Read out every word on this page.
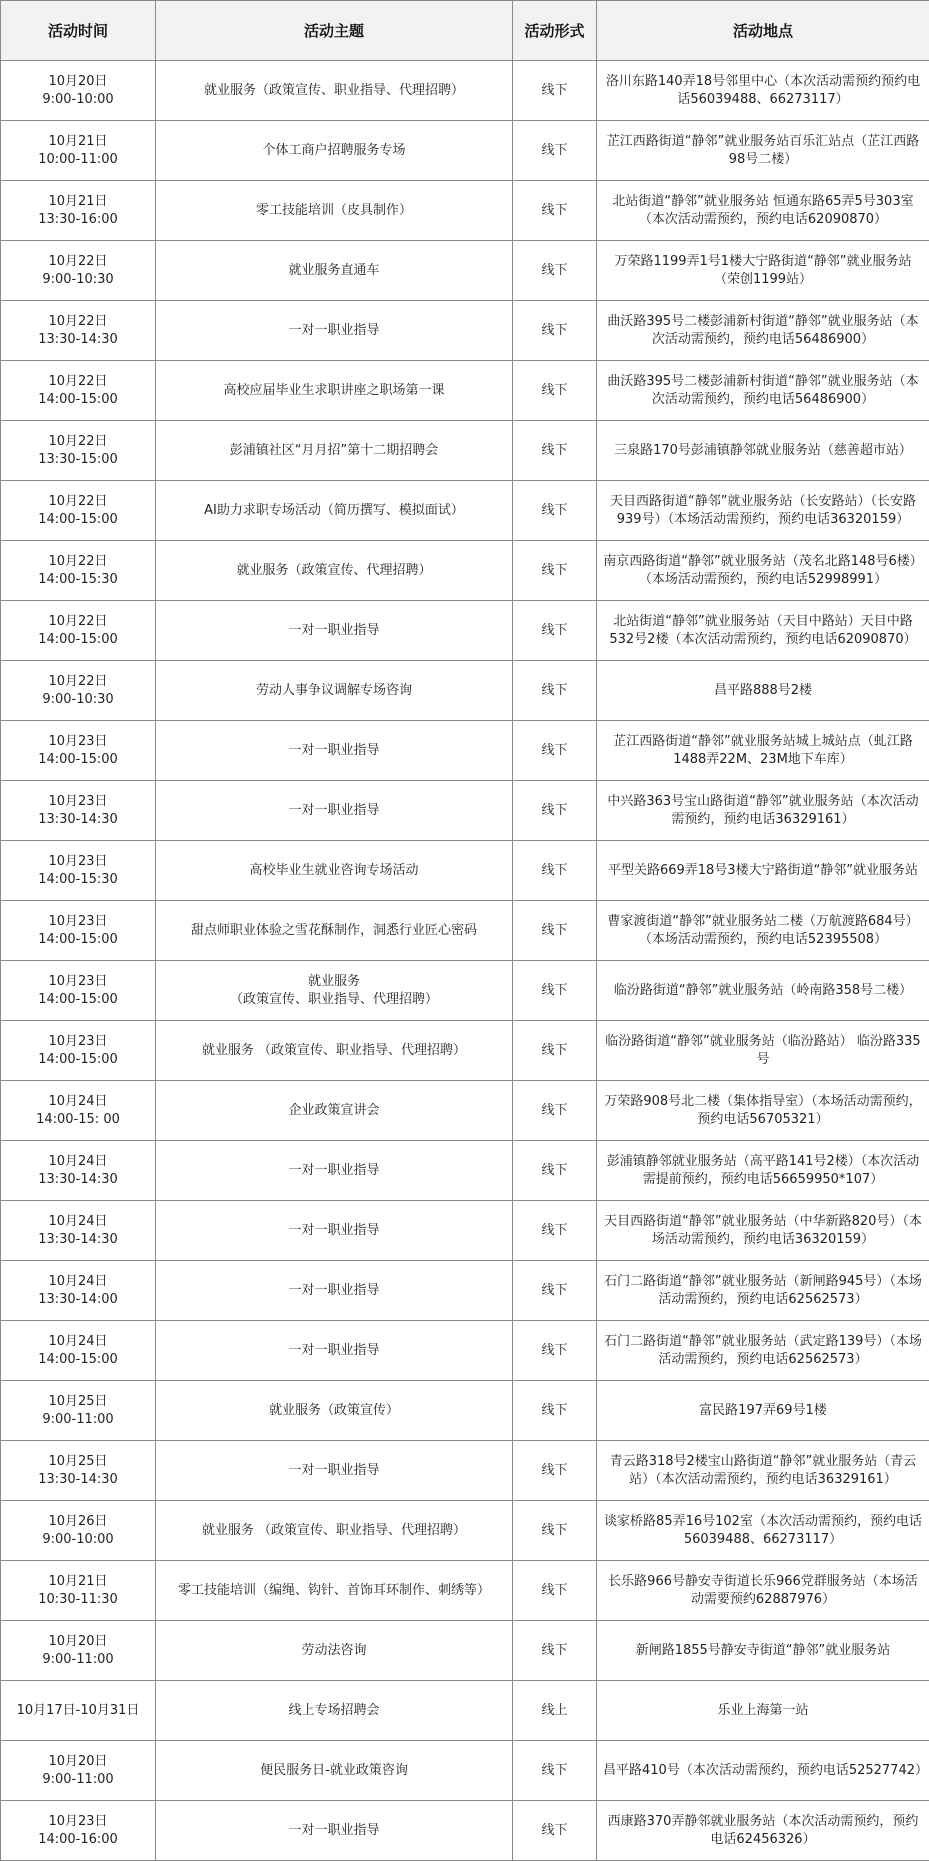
活动时间	活动主题	活动形式	活动地点

10月20日
9:00-10:00	就业服务（政策宣传、职业指导、代理招聘）	线下	洛川东路140弄18号邻里中心（本次活动需预约预约电话56039488、66273117）

10月21日
10:00-11:00	个体工商户招聘服务专场	线下	芷江西路街道“静邻”就业服务站百乐汇站点（芷江西路98号二楼）

10月21日
13:30-16:00	零工技能培训（皮具制作）	线下	北站街道“静邻”就业服务站 恒通东路65弄5号303室 （本次活动需预约，预约电话62090870）

10月22日
9:00-10:30	就业服务直通车	线下	万荣路1199弄1号1楼大宁路街道“静邻”就业服务站（荣创1199站）

10月22日
13:30-14:30	一对一职业指导	线下	曲沃路395号二楼彭浦新村街道“静邻”就业服务站（本次活动需预约，预约电话56486900）

10月22日
14:00-15:00	高校应届毕业生求职讲座之职场第一课	线下	曲沃路395号二楼彭浦新村街道“静邻”就业服务站（本次活动需预约，预约电话56486900）

10月22日
13:30-15:00	彭浦镇社区“月月招”第十二期招聘会	线下	三泉路170号彭浦镇静邻就业服务站（慈善超市站）

10月22日
14:00-15:00	AI助力求职专场活动（简历撰写、模拟面试）	线下	天目西路街道“静邻”就业服务站（长安路站）（长安路939号）（本场活动需预约，预约电话36320159）

10月22日
14:00-15:30	就业服务（政策宣传、代理招聘）	线下	南京西路街道“静邻”就业服务站（茂名北路148号6楼）（本场活动需预约，预约电话52998991）

10月22日
14:00-15:00	一对一职业指导	线下	北站街道“静邻”就业服务站（天目中路站）天目中路532号2楼（本次活动需预约，预约电话62090870）

10月22日
9:00-10:30	劳动人事争议调解专场咨询	线下	昌平路888号2楼

10月23日
14:00-15:00	一对一职业指导	线下	芷江西路街道“静邻”就业服务站城上城站点（虬江路1488弄22M、23M地下车库）

10月23日
13:30-14:30	一对一职业指导	线下	中兴路363号宝山路街道“静邻”就业服务站（本次活动需预约，预约电话36329161）

10月23日
14:00-15:30	高校毕业生就业咨询专场活动	线下	平型关路669弄18号3楼大宁路街道“静邻”就业服务站

10月23日
14:00-15:00	甜点师职业体验之雪花酥制作，洞悉行业匠心密码	线下	曹家渡街道“静邻”就业服务站二楼（万航渡路684号）（本场活动需预约，预约电话52395508）

10月23日
14:00-15:00	就业服务
（政策宣传、职业指导、代理招聘）	线下	临汾路街道“静邻”就业服务站（岭南路358号二楼）

10月23日
14:00-15:00	就业服务 （政策宣传、职业指导、代理招聘）	线下	临汾路街道“静邻”就业服务站（临汾路站） 临汾路335号

10月24日
14:00-15: 00	企业政策宣讲会	线下	万荣路908号北二楼（集体指导室）（本场活动需预约，预约电话56705321）

10月24日
13:30-14:30	一对一职业指导	线下	彭浦镇静邻就业服务站（高平路141号2楼）（本次活动需提前预约，预约电话56659950*107）

10月24日
13:30-14:30	一对一职业指导	线下	天目西路街道“静邻”就业服务站（中华新路820号）（本场活动需预约，预约电话36320159）

10月24日
13:30-14:00	一对一职业指导	线下	石门二路街道“静邻”就业服务站（新闸路945号）（本场活动需预约，预约电话62562573）

10月24日
14:00-15:00	一对一职业指导	线下	石门二路街道“静邻”就业服务站（武定路139号）（本场活动需预约，预约电话62562573）

10月25日
9:00-11:00	就业服务（政策宣传）	线下	富民路197弄69号1楼

10月25日
13:30-14:30	一对一职业指导	线下	青云路318号2楼宝山路街道“静邻”就业服务站（青云站）（本次活动需预约，预约电话36329161）

10月26日
9:00-10:00	就业服务 （政策宣传、职业指导、代理招聘）	线下	谈家桥路85弄16号102室（本次活动需预约，预约电话56039488、66273117）

10月21日
10:30-11:30	零工技能培训（编绳、钩针、首饰耳环制作、刺绣等）	线下	长乐路966号静安寺街道长乐966党群服务站（本场活动需要预约62887976）

10月20日
9:00-11:00	劳动法咨询	线下	新闸路1855号静安寺街道“静邻”就业服务站

10月17日-10月31日	线上专场招聘会	线上	乐业上海第一站

10月20日
9:00-11:00	便民服务日-就业政策咨询	线下	昌平路410号（本次活动需预约，预约电话52527742）

10月23日
14:00-16:00	一对一职业指导	线下	西康路370弄静邻就业服务站（本次活动需预约，预约电话62456326）
